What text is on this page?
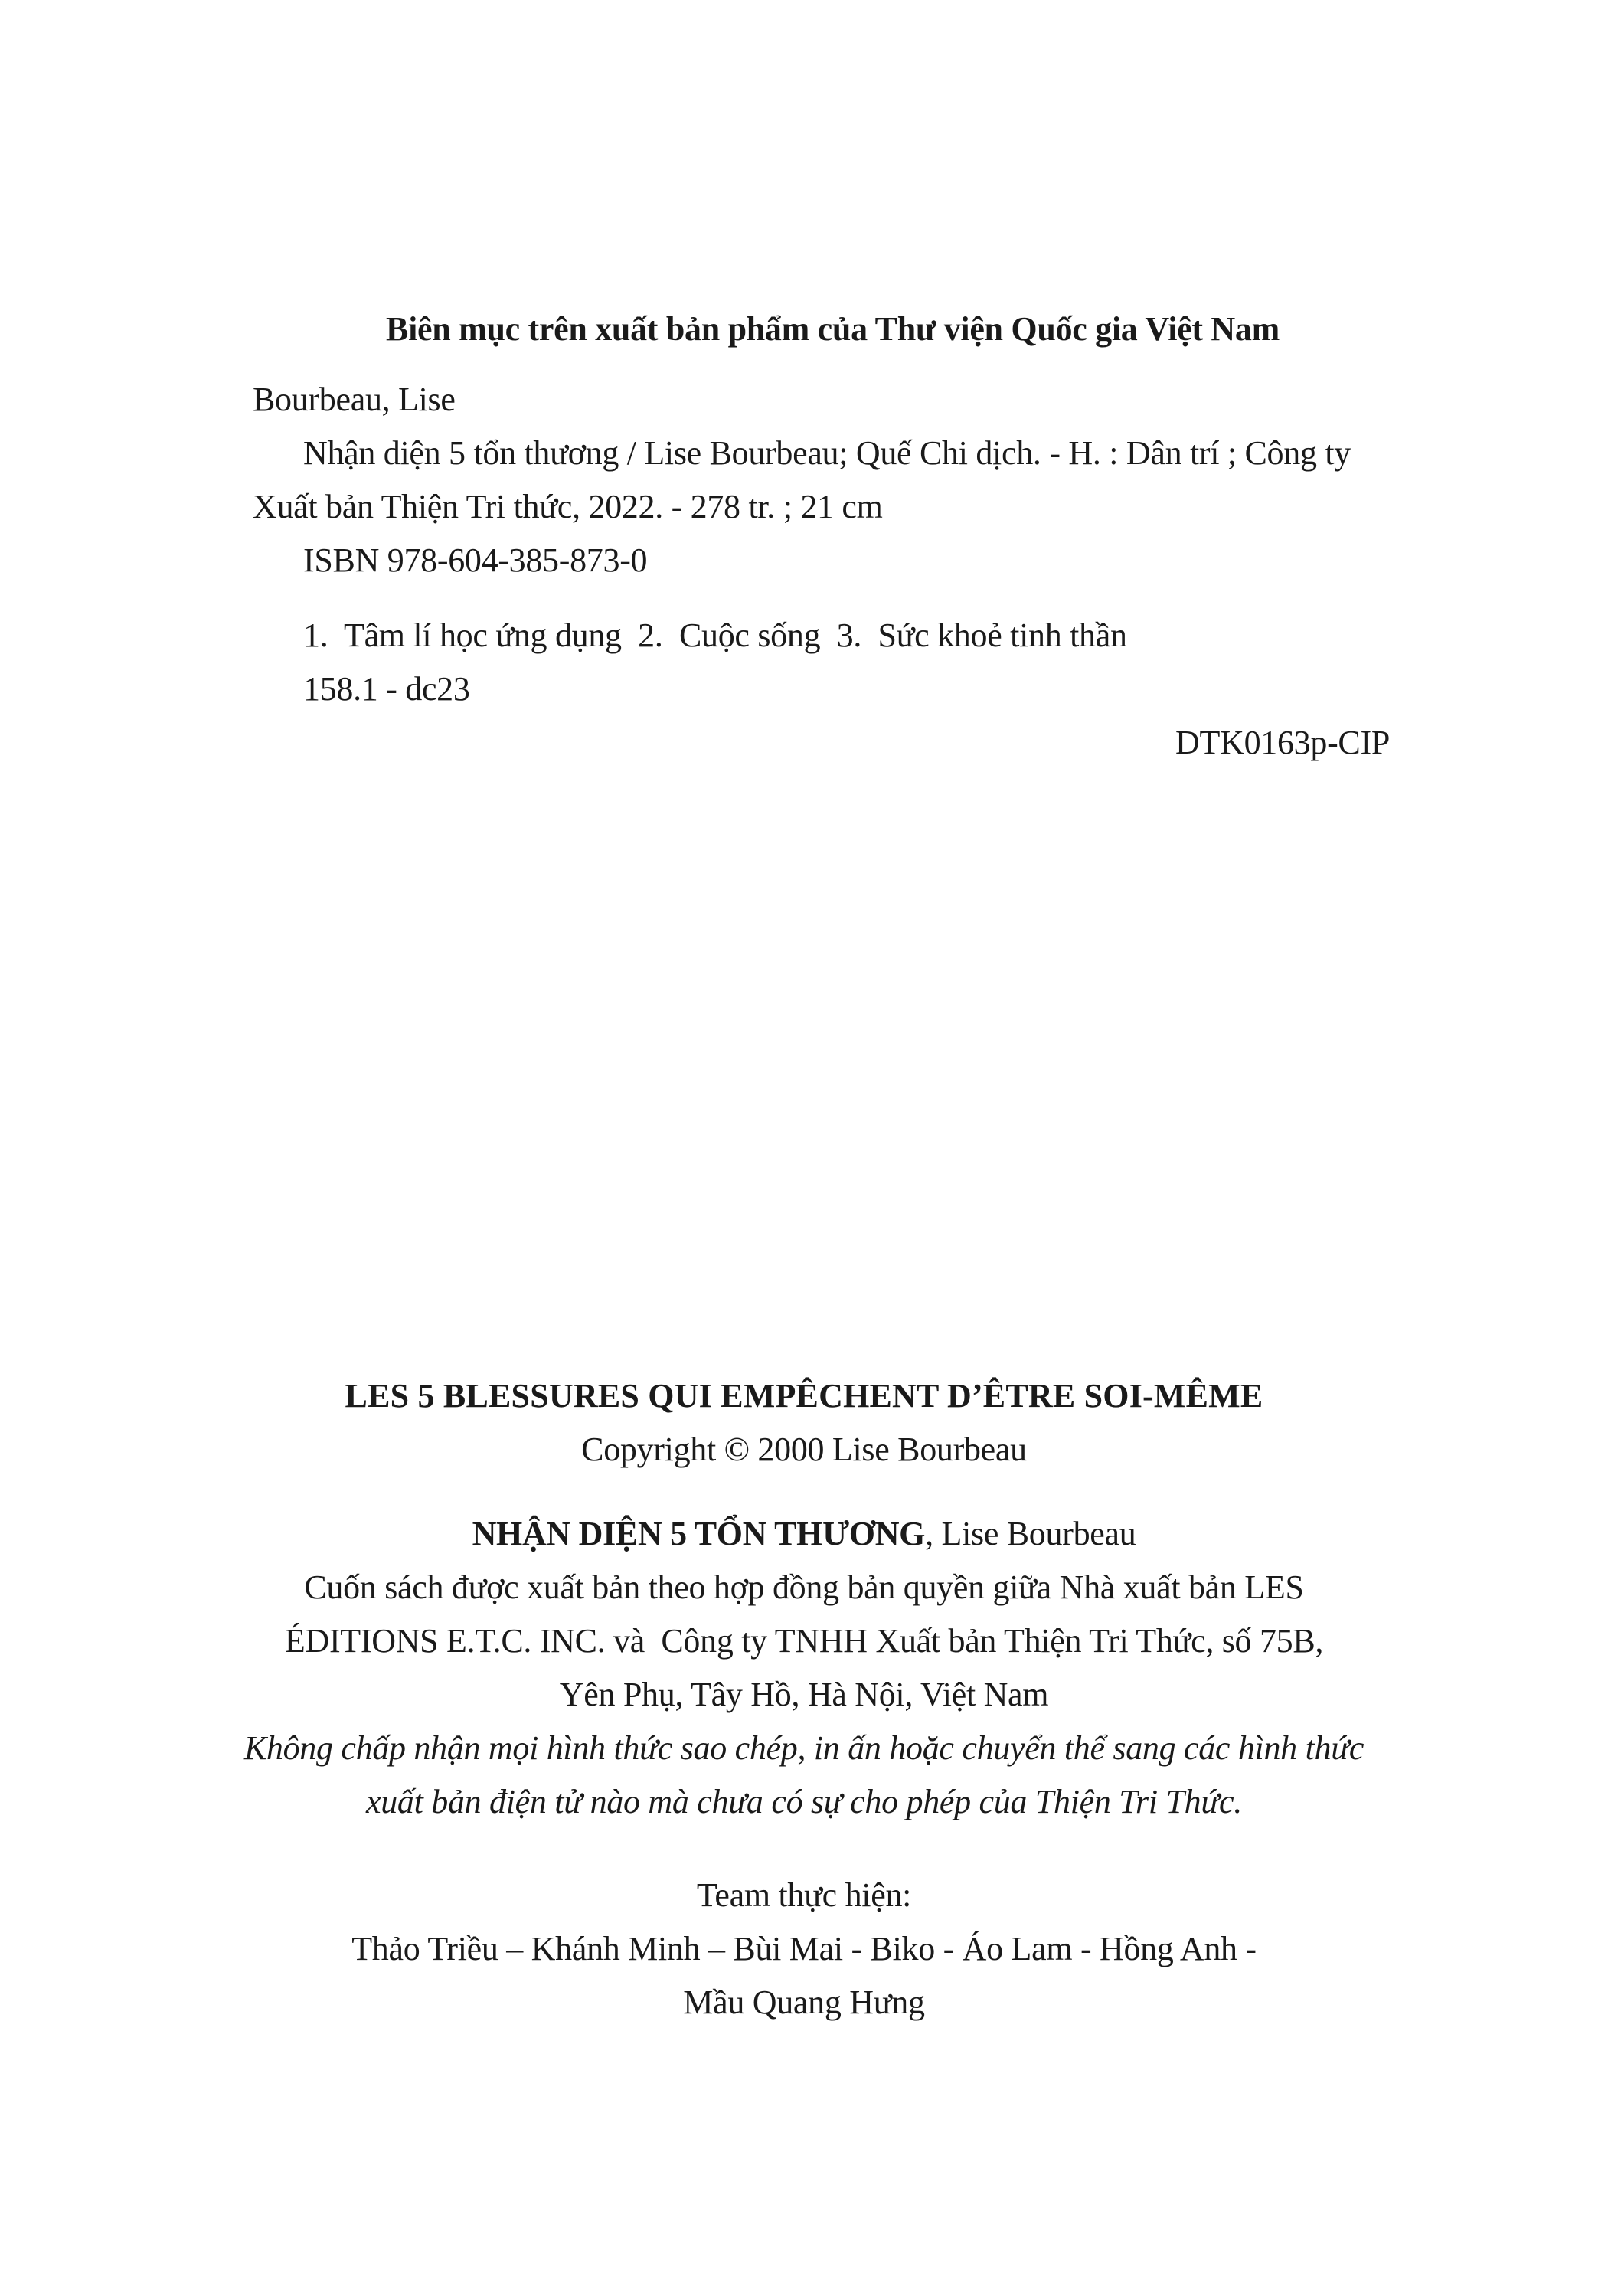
Biên mục trên xuất bản phẩm của Thư viện Quốc gia Việt Nam
Bourbeau, Lise
Nhận diện 5 tổn thương / Lise Bourbeau; Quế Chi dịch. - H. : Dân trí ; Công ty
Xuất bản Thiện Tri thức, 2022. - 278 tr. ; 21 cm
ISBN 978-604-385-873-0
1.  Tâm lí học ứng dụng  2.  Cuộc sống  3.  Sức khoẻ tinh thần
158.1 - dc23
DTK0163p-CIP
LES 5 BLESSURES QUI EMPÊCHENT D’ÊTRE SOI-MÊME
Copyright © 2000 Lise Bourbeau
NHẬN DIỆN 5 TỔN THƯƠNG, Lise Bourbeau
Cuốn sách được xuất bản theo hợp đồng bản quyền giữa Nhà xuất bản LES
ÉDITIONS E.T.C. INC. và  Công ty TNHH Xuất bản Thiện Tri Thức, số 75B,
Yên Phụ, Tây Hồ, Hà Nội, Việt Nam
Không chấp nhận mọi hình thức sao chép, in ấn hoặc chuyển thể sang các hình thức
xuất bản điện tử nào mà chưa có sự cho phép của Thiện Tri Thức.
Team thực hiện:
Thảo Triều – Khánh Minh – Bùi Mai - Biko - Áo Lam - Hồng Anh -
Mầu Quang Hưng
